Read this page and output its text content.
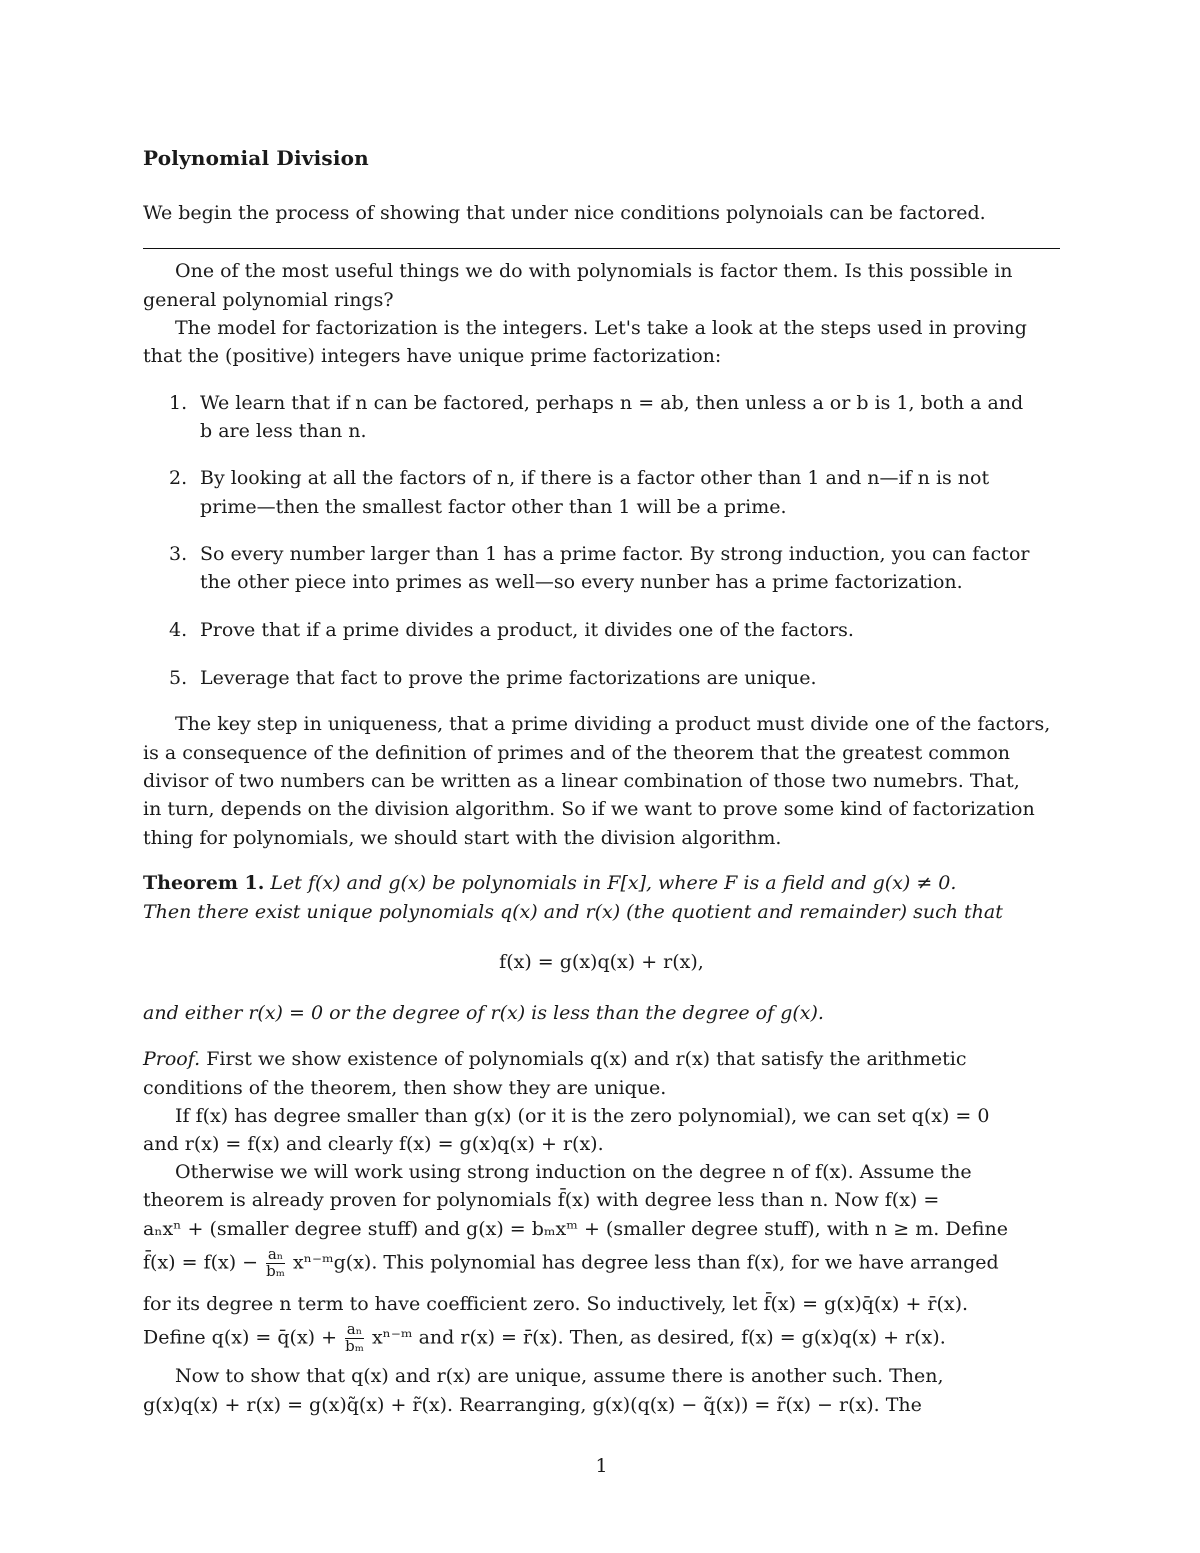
Polynomial Division
We begin the process of showing that under nice conditions polynoials can be factored.
One of the most useful things we do with polynomials is factor them. Is this possible in
general polynomial rings?
The model for factorization is the integers. Let's take a look at the steps used in proving
that the (positive) integers have unique prime factorization:
1. We learn that if n can be factored, perhaps n = ab, then unless a or b is 1, both a and
b are less than n.
2. By looking at all the factors of n, if there is a factor other than 1 and n—if n is not
prime—then the smallest factor other than 1 will be a prime.
3. So every number larger than 1 has a prime factor. By strong induction, you can factor
the other piece into primes as well—so every nunber has a prime factorization.
4. Prove that if a prime divides a product, it divides one of the factors.
5. Leverage that fact to prove the prime factorizations are unique.
The key step in uniqueness, that a prime dividing a product must divide one of the factors,
is a consequence of the definition of primes and of the theorem that the greatest common
divisor of two numbers can be written as a linear combination of those two numebrs. That,
in turn, depends on the division algorithm. So if we want to prove some kind of factorization
thing for polynomials, we should start with the division algorithm.
Theorem 1. Let f(x) and g(x) be polynomials in F[x], where F is a field and g(x) ≠ 0.
Then there exist unique polynomials q(x) and r(x) (the quotient and remainder) such that
f(x) = g(x)q(x) + r(x),
and either r(x) = 0 or the degree of r(x) is less than the degree of g(x).
Proof. First we show existence of polynomials q(x) and r(x) that satisfy the arithmetic
conditions of the theorem, then show they are unique.
If f(x) has degree smaller than g(x) (or it is the zero polynomial), we can set q(x) = 0
and r(x) = f(x) and clearly f(x) = g(x)q(x) + r(x).
Otherwise we will work using strong induction on the degree n of f(x). Assume the
theorem is already proven for polynomials f̄(x) with degree less than n. Now f(x) =
aₙxⁿ + (smaller degree stuff) and g(x) = bₘxᵐ + (smaller degree stuff), with n ≥ m. Define
f̄(x) = $f(x) - \frac{\text{aₙ}}{\text{bₘ}}$ xⁿ⁻ᵐg(x). This polynomial has degree less than f(x), for we have arranged
for its degree n term to have coefficient zero. So inductively, let f̄(x) = g(x)q̄(x) + r̄(x).
Define q(x) = q̄(x) + $\frac{\text{aₙ}}{\text{bₘ}}$ xⁿ⁻ᵐ and r(x) = r̄(x). Then, as desired, f(x) = g(x)q(x) + r(x).
Now to show that q(x) and r(x) are unique, assume there is another such. Then,
g(x)q(x) + r(x) = g(x)q̃(x) + r̃(x). Rearranging, g(x)(q(x) − q̃(x)) = r̃(x) − r(x). The
1
